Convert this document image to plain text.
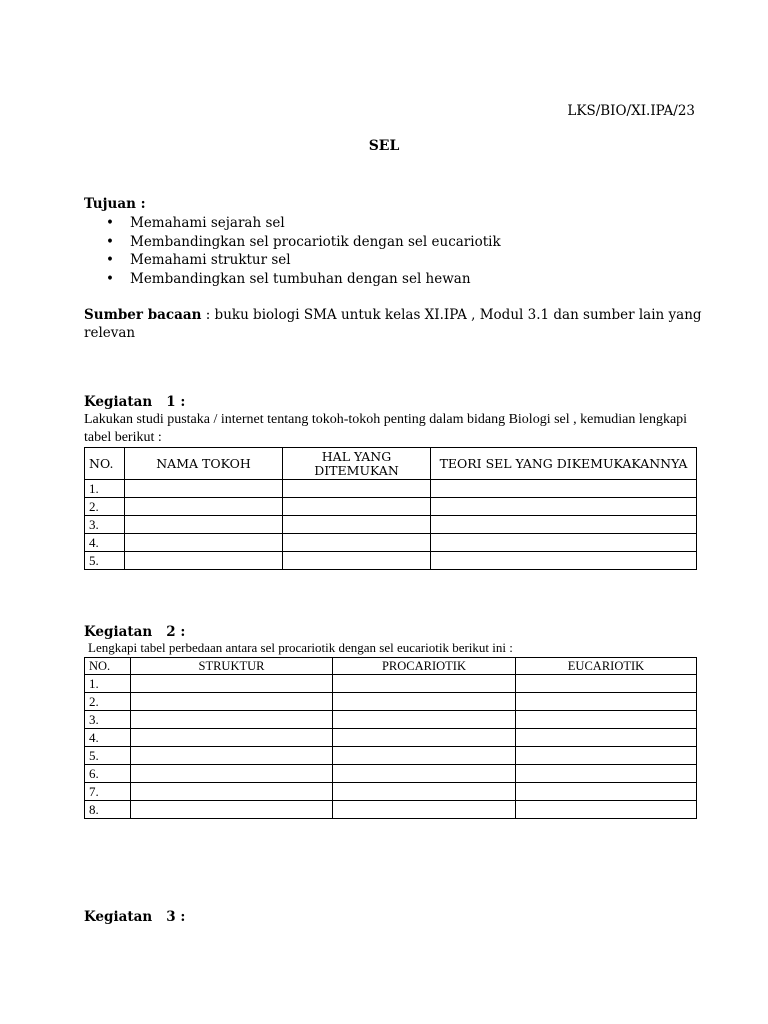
LKS/BIO/XI.IPA/23
SEL
Tujuan :
• Memahami sejarah sel
• Membandingkan sel procariotik dengan sel eucariotik
• Memahami struktur sel
• Membandingkan sel tumbuhan dengan sel hewan
Sumber bacaan : buku biologi SMA untuk kelas XI.IPA , Modul 3.1 dan sumber lain yang relevan
Kegiatan   1 :
Lakukan studi pustaka / internet tentang tokoh-tokoh penting dalam bidang Biologi sel , kemudian lengkapi tabel berikut :
NO.	NAMA TOKOH	HAL YANG DITEMUKAN	TEORI SEL YANG DIKEMUKAKANNYA
1.			
2.			
3.			
4.			
5.			
Kegiatan   2 :
Lengkapi tabel perbedaan antara sel procariotik dengan sel eucariotik berikut ini :
NO.	STRUKTUR	PROCARIOTIK	EUCARIOTIK
1.			
2.			
3.			
4.			
5.			
6.			
7.			
8.			
Kegiatan   3 :
